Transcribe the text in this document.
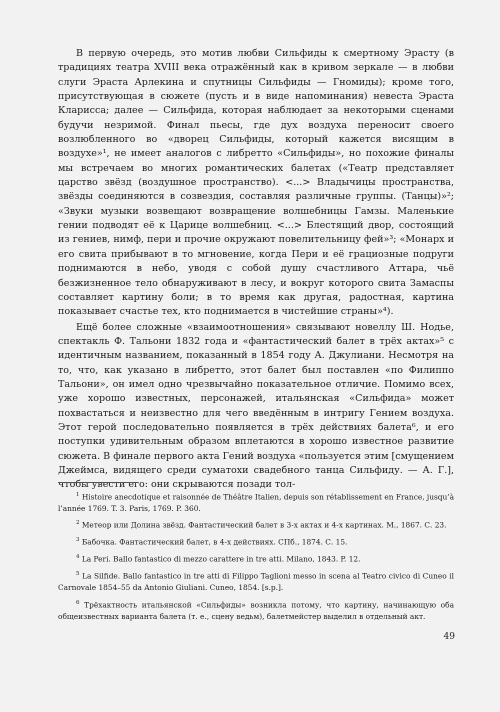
В первую очередь, это мотив любви Сильфиды к смертному Эрасту (в традициях театра XVIII века отражённый как в кривом зеркале — в любви слуги Эраста Арлекина и спутницы Сильфиды — Гномиды); кроме того, присутствующая в сюжете (пусть и в виде напоминания) невеста Эраста Кларисса; далее — Сильфида, которая наблюдает за некоторыми сценами будучи незримой. Финал пьесы, где дух воздуха переносит своего возлюбленного во «дворец Сильфиды, который кажется висящим в воздухе»¹, не имеет аналогов с либретто «Сильфиды», но похожие финалы мы встречаем во многих романтических балетах («Театр представляет царство звёзд (воздушное пространство). <...> Владычицы пространства, звёзды соединяются в созвездия, составляя различные группы. (Танцы)»²; «Звуки музыки возвещают возвращение волшебницы Гамзы. Маленькие гении подводят её к Царице волшебниц. <...> Блестящий двор, состоящий из гениев, нимф, пери и прочие окружают повелительницу фей»³; «Монарх и его свита прибывают в то мгновение, когда Пери и её грациозные подруги поднимаются в небо, уводя с собой душу счастливого Аттара, чьё безжизненное тело обнаруживают в лесу, и вокруг которого свита Замаспы составляет картину боли; в то время как другая, радостная, картина показывает счастье тех, кто поднимается в чистейшие страны»⁴).

Ещё более сложные «взаимоотношения» связывают новеллу Ш. Нодье, спектакль Ф. Тальони 1832 года и «фантастический балет в трёх актах»⁵ с идентичным названием, показанный в 1854 году А. Джулиани. Несмотря на то, что, как указано в либретто, этот балет был поставлен «по Филиппо Тальони», он имел одно чрезвычайно показательное отличие. Помимо всех, уже хорошо известных, персонажей, итальянская «Сильфида» может похвастаться и неизвестно для чего введённым в интригу Гением воздуха. Этот герой последовательно появляется в трёх действиях балета⁶, и его поступки удивительным образом вплетаются в хорошо известное развитие сюжета. В финале первого акта Гений воздуха «пользуется этим [смущением Джеймса, видящего среди суматохи свадебного танца Сильфиду. — А. Г.], чтобы увести его: они скрываются позади тол-

$^1$ Histoire anecdotique et raisonnée de Théâtre Italien, depuis son rétablissement en France, jusqu’à l’année 1769. T. 3. Paris, 1769. P. 360.

$^2$ Метеор или Долина звёзд. Фантастический балет в 3-х актах и 4-х картинах. М., 1867. С. 23.

$^3$ Бабочка. Фантастический балет, в 4-х действиях. СПб., 1874. С. 15.

$^4$ La Peri. Ballo fantastico di mezzo carattere in tre atti. Milano, 1843. P. 12.

$^5$ La Silfide. Ballo fantastico in tre atti di Filippo Taglioni messo in scena al Teatro civico di Cuneo il Carnovale 1854–55 da Antonio Giuliani. Cuneo, 1854. [s.p.].

$^6$ Трёхактность итальянской «Сильфиды» возникла потому, что картину, начинающую оба общеизвестных варианта балета (т. е., сцену ведьм), балетмейстер выделил в отдельный акт.

49
